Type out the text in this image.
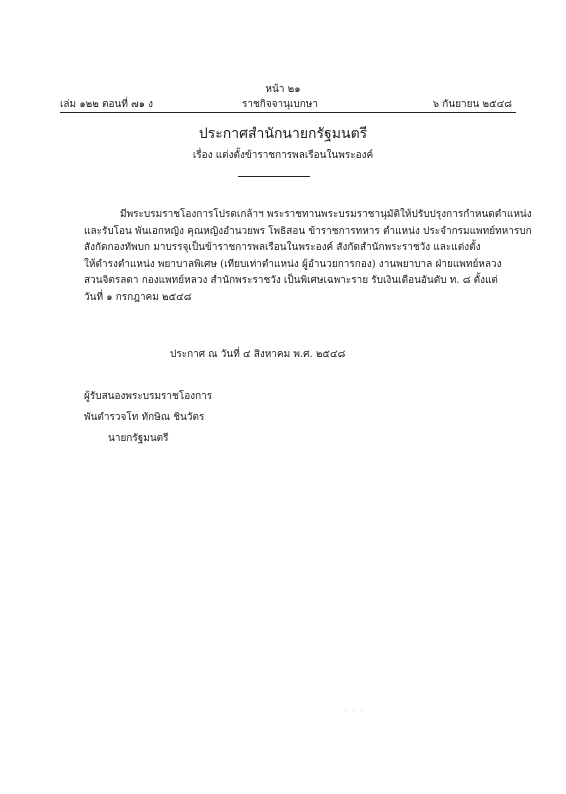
หน้า ๒๑
ราชกิจจานุเบกษา
เล่ม ๑๒๒ ตอนที่ ๗๑ ง	๖ กันยายน ๒๕๔๘
ประกาศสำนักนายกรัฐมนตรี
เรื่อง แต่งตั้งข้าราชการพลเรือนในพระองค์
มีพระบรมราชโองการโปรดเกล้าฯ พระราชทานพระบรมราชานุมัติให้ปรับปรุงการกำหนดตำแหน่ง
และรับโอน พันเอกหญิง คุณหญิงอำนวยพร โพธิสอน ข้าราชการทหาร ตำแหน่ง ประจำกรมแพทย์ทหารบก
สังกัดกองทัพบก มาบรรจุเป็นข้าราชการพลเรือนในพระองค์ สังกัดสำนักพระราชวัง และแต่งตั้ง
ให้ดำรงตำแหน่ง พยาบาลพิเศษ (เทียบเท่าตำแหน่ง ผู้อำนวยการกอง) งานพยาบาล ฝ่ายแพทย์หลวง
สวนจิตรลดา กองแพทย์หลวง สำนักพระราชวัง เป็นพิเศษเฉพาะราย รับเงินเดือนอันดับ ท. ๘ ตั้งแต่
วันที่ ๑ กรกฎาคม ๒๕๔๘
ประกาศ ณ วันที่ ๔ สิงหาคม พ.ศ. ๒๕๔๘
ผู้รับสนองพระบรมราชโองการ
พันตำรวจโท ทักษิณ ชินวัตร
นายกรัฐมนตรี
· · ·
